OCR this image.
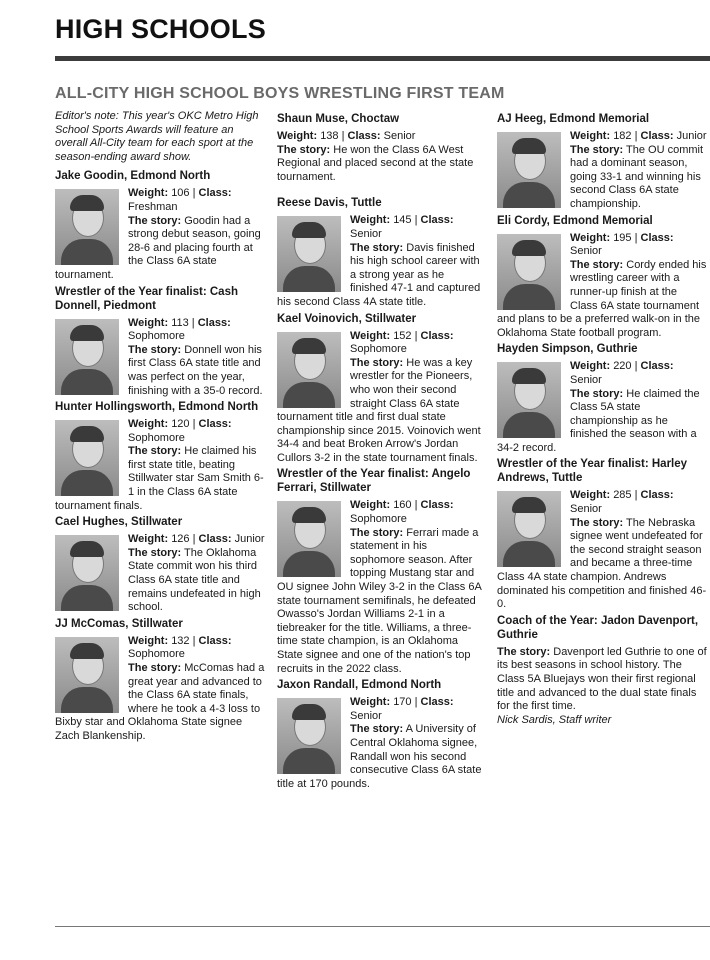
HIGH SCHOOLS
ALL-CITY HIGH SCHOOL BOYS WRESTLING FIRST TEAM
Editor's note: This year's OKC Metro High School Sports Awards will feature an overall All-City team for each sport at the season-ending award show.
Jake Goodin, Edmond North
Weight: 106 | Class: Freshman
The story: Goodin had a strong debut season, going 28-6 and placing fourth at the Class 6A state tournament.
Wrestler of the Year finalist: Cash Donnell, Piedmont
Weight: 113 | Class: Sophomore
The story: Donnell won his first Class 6A state title and was perfect on the year, finishing with a 35-0 record.
Hunter Hollingsworth, Edmond North
Weight: 120 | Class: Sophomore
The story: He claimed his first state title, beating Stillwater star Sam Smith 6-1 in the Class 6A state tournament finals.
Cael Hughes, Stillwater
Weight: 126 | Class: Junior
The story: The Oklahoma State commit won his third Class 6A state title and remains undefeated in high school.
JJ McComas, Stillwater
Weight: 132 | Class: Sophomore
The story: McComas had a great year and advanced to the Class 6A state finals, where he took a 4-3 loss to Bixby star and Oklahoma State signee Zach Blankenship.
Shaun Muse, Choctaw
Weight: 138 | Class: Senior
The story: He won the Class 6A West Regional and placed second at the state tournament.
Reese Davis, Tuttle
Weight: 145 | Class: Senior
The story: Davis finished his high school career with a strong year as he finished 47-1 and captured his second Class 4A state title.
Kael Voinovich, Stillwater
Weight: 152 | Class: Sophomore
The story: He was a key wrestler for the Pioneers, who won their second straight Class 6A state tournament title and first dual state championship since 2015. Voinovich went 34-4 and beat Broken Arrow's Jordan Cullors 3-2 in the state tournament finals.
Wrestler of the Year finalist: Angelo Ferrari, Stillwater
Weight: 160 | Class: Sophomore
The story: Ferrari made a statement in his sophomore season. After topping Mustang star and OU signee John Wiley 3-2 in the Class 6A state tournament semifinals, he defeated Owasso's Jordan Williams 2-1 in a tiebreaker for the title. Williams, a three-time state champion, is an Oklahoma State signee and one of the nation's top recruits in the 2022 class.
Jaxon Randall, Edmond North
Weight: 170 | Class: Senior
The story: A University of Central Oklahoma signee, Randall won his second consecutive Class 6A state title at 170 pounds.
AJ Heeg, Edmond Memorial
Weight: 182 | Class: Junior
The story: The OU commit had a dominant season, going 33-1 and winning his second Class 6A state championship.
Eli Cordy, Edmond Memorial
Weight: 195 | Class: Senior
The story: Cordy ended his wrestling career with a runner-up finish at the Class 6A state tournament and plans to be a preferred walk-on in the Oklahoma State football program.
Hayden Simpson, Guthrie
Weight: 220 | Class: Senior
The story: He claimed the Class 5A state championship as he finished the season with a 34-2 record.
Wrestler of the Year finalist: Harley Andrews, Tuttle
Weight: 285 | Class: Senior
The story: The Nebraska signee went undefeated for the second straight season and became a three-time Class 4A state champion. Andrews dominated his competition and finished 46-0.
Coach of the Year: Jadon Davenport, Guthrie
The story: Davenport led Guthrie to one of its best seasons in school history. The Class 5A Bluejays won their first regional title and advanced to the dual state finals for the first time.
Nick Sardis, Staff writer
